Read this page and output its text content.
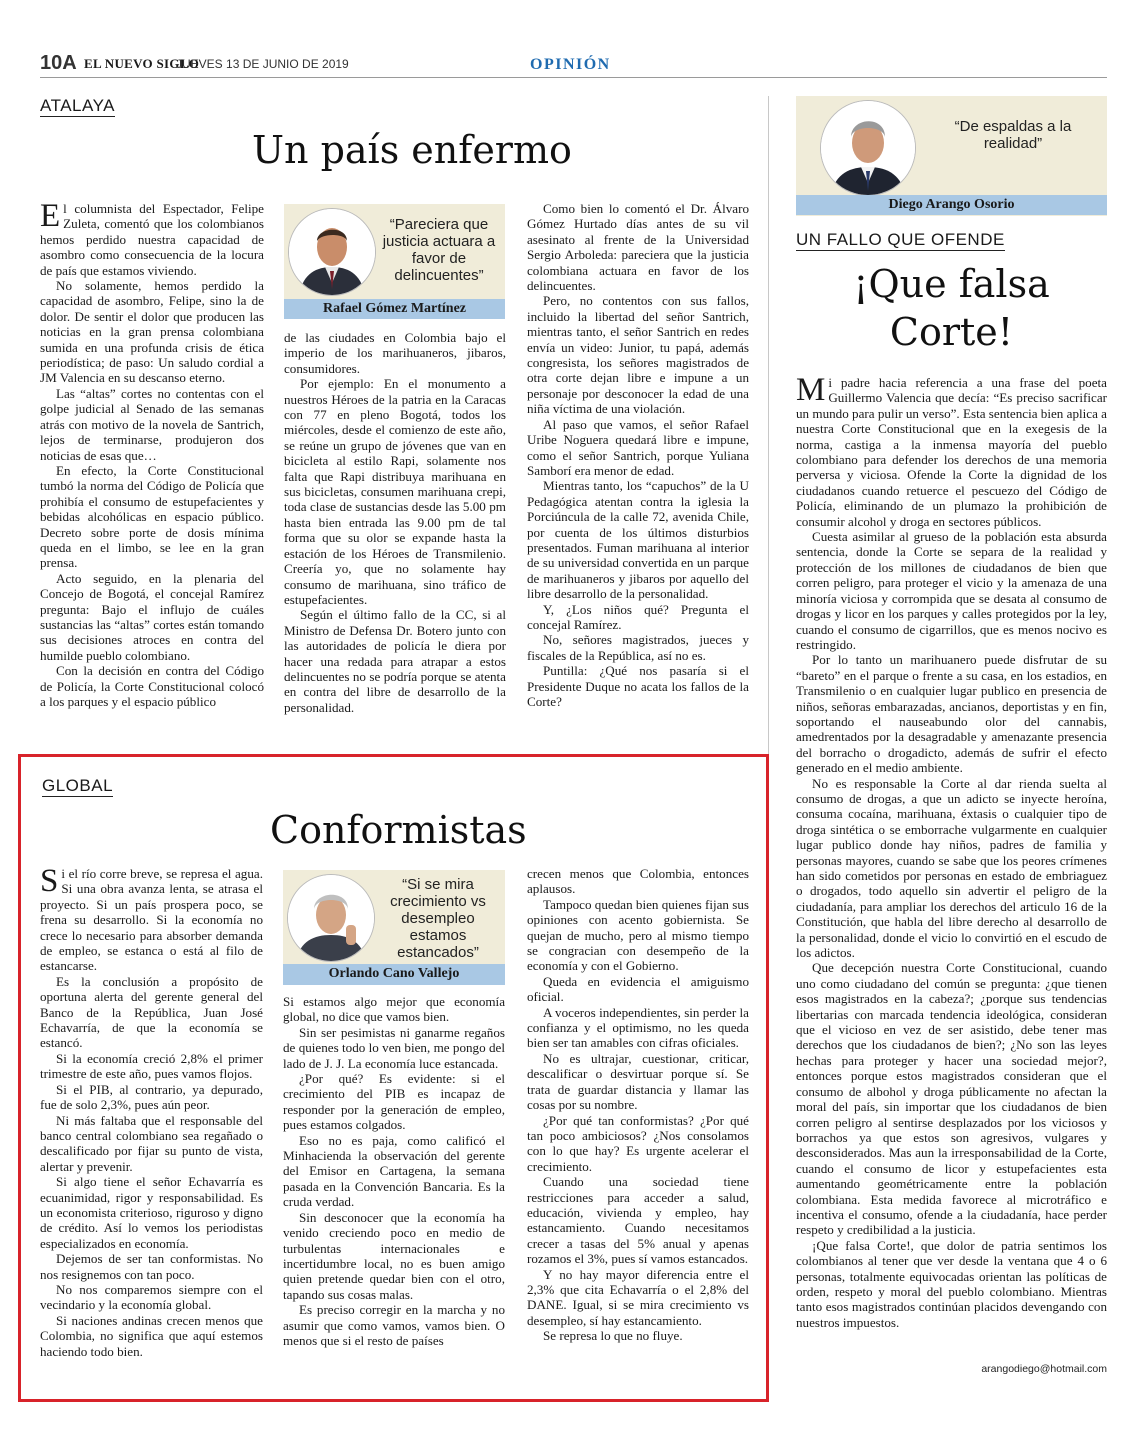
10A EL NUEVO SIGLO
JUEVES 13 DE JUNIO DE 2019	OPINIÓN
ATALAYA
Un país enfermo

El columnista del Espectador, Felipe Zuleta, comentó que los colombianos hemos perdido nuestra capacidad de asombro como consecuencia de la locura de país que estamos viviendo.

No solamente, hemos perdido la capacidad de asombro, Felipe, sino la de dolor. De sentir el dolor que producen las noticias en la gran prensa colombiana sumida en una profunda crisis de ética periodística; de paso: Un saludo cordial a JM Valencia en su descanso eterno.

Las “altas” cortes no contentas con el golpe judicial al Senado de las semanas atrás con motivo de la novela de Santrich, lejos de terminarse, produjeron dos noticias de esas que…

En efecto, la Corte Constitucional tumbó la norma del Código de Policía que prohibía el consumo de estupefacientes y bebidas alcohólicas en espacio público. Decreto sobre porte de dosis mínima queda en el limbo, se lee en la gran prensa.

Acto seguido, en la plenaria del Concejo de Bogotá, el concejal Ramírez pregunta: Bajo el influjo de cuáles sustancias las “altas” cortes están tomando sus decisiones atroces en contra del humilde pueblo colombiano.

Con la decisión en contra del Código de Policía, la Corte Constitucional colocó a los parques y el espacio público

“Pareciera que justicia actuara a favor de delincuentes”
Rafael Gómez Martínez

de las ciudades en Colombia bajo el imperio de los marihuaneros, jibaros, consumidores.

Por ejemplo: En el monumento a nuestros Héroes de la patria en la Caracas con 77 en pleno Bogotá, todos los miércoles, desde el comienzo de este año, se reúne un grupo de jóvenes que van en bicicleta al estilo Rapi, solamente nos falta que Rapi distribuya marihuana en sus bicicletas, consumen marihuana crepi, toda clase de sustancias desde las 5.00 pm hasta bien entrada las 9.00 pm de tal forma que su olor se expande hasta la estación de los Héroes de Transmilenio. Creería yo, que no solamente hay consumo de marihuana, sino tráfico de estupefacientes.

Según el último fallo de la CC, si al Ministro de Defensa Dr. Botero junto con las autoridades de policía le diera por hacer una redada para atrapar a estos delincuentes no se podría porque se atenta en contra del libre de desarrollo de la personalidad.

Como bien lo comentó el Dr. Álvaro Gómez Hurtado días antes de su vil asesinato al frente de la Universidad Sergio Arboleda: pareciera que la justicia colombiana actuara en favor de los delincuentes.

Pero, no contentos con sus fallos, incluido la libertad del señor Santrich, mientras tanto, el señor Santrich en redes envía un video: Junior, tu papá, además congresista, los señores magistrados de otra corte dejan libre e impune a un personaje por desconocer la edad de una niña víctima de una violación.

Al paso que vamos, el señor Rafael Uribe Noguera quedará libre e impune, como el señor Santrich, porque Yuliana Samborí era menor de edad.

Mientras tanto, los “capuchos” de la U Pedagógica atentan contra la iglesia la Porciúncula de la calle 72, avenida Chile, por cuenta de los últimos disturbios presentados. Fuman marihuana al interior de su universidad convertida en un parque de marihuaneros y jibaros por aquello del libre desarrollo de la personalidad.

Y, ¿Los niños qué? Pregunta el concejal Ramírez.

No, señores magistrados, jueces y fiscales de la República, así no es.

Puntilla: ¿Qué nos pasaría si el Presidente Duque no acata los fallos de la Corte?

GLOBAL
Conformistas

Si el río corre breve, se represa el agua. Si una obra avanza lenta, se atrasa el proyecto. Si un país prospera poco, se frena su desarrollo. Si la economía no crece lo necesario para absorber demanda de empleo, se estanca o está al filo de estancarse.

Es la conclusión a propósito de oportuna alerta del gerente general del Banco de la República, Juan José Echavarría, de que la economía se estancó.

Si la economía creció 2,8% el primer trimestre de este año, pues vamos flojos.

Si el PIB, al contrario, ya depurado, fue de solo 2,3%, pues aún peor.

Ni más faltaba que el responsable del banco central colombiano sea regañado o descalificado por fijar su punto de vista, alertar y prevenir.

Si algo tiene el señor Echavarría es ecuanimidad, rigor y responsabilidad. Es un economista criterioso, riguroso y digno de crédito. Así lo vemos los periodistas especializados en economía.

Dejemos de ser tan conformistas. No nos resignemos con tan poco.

No nos comparemos siempre con el vecindario y la economía global.

Si naciones andinas crecen menos que Colombia, no significa que aquí estemos haciendo todo bien.

“Si se mira crecimiento vs desempleo estamos estancados”
Orlando Cano Vallejo

Si estamos algo mejor que economía global, no dice que vamos bien.

Sin ser pesimistas ni ganarme regaños de quienes todo lo ven bien, me pongo del lado de J. J. La economía luce estancada.

¿Por qué? Es evidente: si el crecimiento del PIB es incapaz de responder por la generación de empleo, pues estamos colgados.

Eso no es paja, como calificó el Minhacienda la observación del gerente del Emisor en Cartagena, la semana pasada en la Convención Bancaria. Es la cruda verdad.

Sin desconocer que la economía ha venido creciendo poco en medio de turbulentas internacionales e incertidumbre local, no es buen amigo quien pretende quedar bien con el otro, tapando sus cosas malas.

Es preciso corregir en la marcha y no asumir que como vamos, vamos bien. O menos que si el resto de países

crecen menos que Colombia, entonces aplausos.

Tampoco quedan bien quienes fijan sus opiniones con acento gobiernista. Se quejan de mucho, pero al mismo tiempo se congracian con desempeño de la economía y con el Gobierno.

Queda en evidencia el amiguismo oficial.

A voceros independientes, sin perder la confianza y el optimismo, no les queda bien ser tan amables con cifras oficiales.

No es ultrajar, cuestionar, criticar, descalificar o desvirtuar porque sí. Se trata de guardar distancia y llamar las cosas por su nombre.

¿Por qué tan conformistas? ¿Por qué tan poco ambiciosos? ¿Nos consolamos con lo que hay? Es urgente acelerar el crecimiento.

Cuando una sociedad tiene restricciones para acceder a salud, educación, vivienda y empleo, hay estancamiento. Cuando necesitamos crecer a tasas del 5% anual y apenas rozamos el 3%, pues sí vamos estancados.

Y no hay mayor diferencia entre el 2,3% que cita Echavarría o el 2,8% del DANE. Igual, si se mira crecimiento vs desempleo, sí hay estancamiento.

Se represa lo que no fluye.

“De espaldas a la realidad”
Diego Arango Osorio
UN FALLO QUE OFENDE
¡Que falsa
Corte!

Mi padre hacia referencia a una frase del poeta Guillermo Valencia que decía: “Es preciso sacrificar un mundo para pulir un verso”. Esta sentencia bien aplica a nuestra Corte Constitucional que en la exegesis de la norma, castiga a la inmensa mayoría del pueblo colombiano para defender los derechos de una memoria perversa y viciosa. Ofende la Corte la dignidad de los ciudadanos cuando retuerce el pescuezo del Código de Policía, eliminando de un plumazo la prohibición de consumir alcohol y droga en sectores públicos.

Cuesta asimilar al grueso de la población esta absurda sentencia, donde la Corte se separa de la realidad y protección de los millones de ciudadanos de bien que corren peligro, para proteger el vicio y la amenaza de una minoría viciosa y corrompida que se desata al consumo de drogas y licor en los parques y calles protegidos por la ley, cuando el consumo de cigarrillos, que es menos nocivo es restringido.

Por lo tanto un marihuanero puede disfrutar de su “bareto” en el parque o frente a su casa, en los estadios, en Transmilenio o en cualquier lugar publico en presencia de niños, señoras embarazadas, ancianos, deportistas y en fin, soportando el nauseabundo olor del cannabis, amedrentados por la desagradable y amenazante presencia del borracho o drogadicto, además de sufrir el efecto generado en el medio ambiente.

No es responsable la Corte al dar rienda suelta al consumo de drogas, a que un adicto se inyecte heroína, consuma cocaína, marihuana, éxtasis o cualquier tipo de droga sintética o se emborrache vulgarmente en cualquier lugar publico donde hay niños, padres de familia y personas mayores, cuando se sabe que los peores crímenes han sido cometidos por personas en estado de embriaguez o drogados, todo aquello sin advertir el peligro de la ciudadanía, para ampliar los derechos del articulo 16 de la Constitución, que habla del libre derecho al desarrollo de la personalidad, donde el vicio lo convirtió en el escudo de los adictos.

Que decepción nuestra Corte Constitucional, cuando uno como ciudadano del común se pregunta: ¿que tienen esos magistrados en la cabeza?; ¿porque sus tendencias libertarias con marcada tendencia ideológica, consideran que el vicioso en vez de ser asistido, debe tener mas derechos que los ciudadanos de bien?; ¿No son las leyes hechas para proteger y hacer una sociedad mejor?, entonces porque estos magistrados consideran que el consumo de albohol y droga públicamente no afectan la moral del país, sin importar que los ciudadanos de bien corren peligro al sentirse desplazados por los viciosos y borrachos ya que estos son agresivos, vulgares y desconsiderados. Mas aun la irresponsabilidad de la Corte, cuando el consumo de licor y estupefacientes esta aumentando geométricamente entre la población colombiana. Esta medida favorece al microtráfico e incentiva el consumo, ofende a la ciudadanía, hace perder respeto y credibilidad a la justicia.

¡Que falsa Corte!, que dolor de patria sentimos los colombianos al tener que ver desde la ventana que 4 o 6 personas, totalmente equivocadas orientan las políticas de orden, respeto y moral del pueblo colombiano. Mientras tanto esos magistrados continúan placidos devengando con nuestros impuestos.

arangodiego@hotmail.com
